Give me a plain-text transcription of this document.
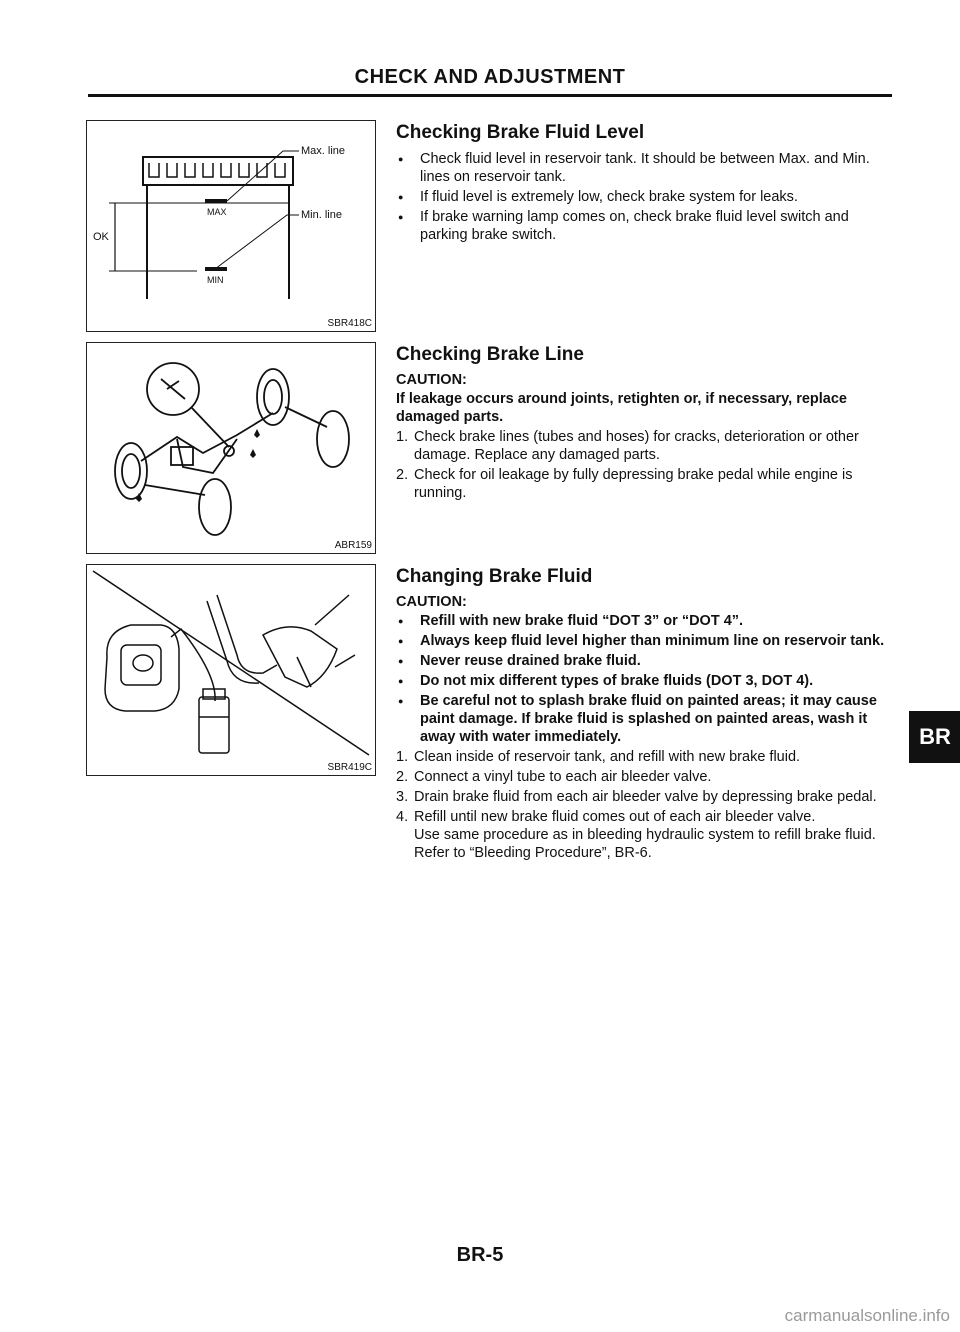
CHECK AND ADJUSTMENT
Max. line
Min. line
MAX
MIN
OK
SBR418C
ABR159
SBR419C
Checking Brake Fluid Level
● Check fluid level in reservoir tank. It should be between Max. and Min. lines on reservoir tank.
● If fluid level is extremely low, check brake system for leaks.
● If brake warning lamp comes on, check brake fluid level switch and parking brake switch.
Checking Brake Line

CAUTION:

If leakage occurs around joints, retighten or, if necessary, replace damaged parts.

1. Check brake lines (tubes and hoses) for cracks, deterioration or other damage. Replace any damaged parts.
2. Check for oil leakage by fully depressing brake pedal while engine is running.
Changing Brake Fluid

CAUTION:

● Refill with new brake fluid “DOT 3” or “DOT 4”.
● Always keep fluid level higher than minimum line on reservoir tank.
● Never reuse drained brake fluid.
● Do not mix different types of brake fluids (DOT 3, DOT 4).
● Be careful not to splash brake fluid on painted areas; it may cause paint damage. If brake fluid is splashed on painted areas, wash it away with water immediately.
1. Clean inside of reservoir tank, and refill with new brake fluid.
2. Connect a vinyl tube to each air bleeder valve.
3. Drain brake fluid from each air bleeder valve by depressing brake pedal.
4. Refill until new brake fluid comes out of each air bleeder valve.
Use same procedure as in bleeding hydraulic system to refill brake fluid.
Refer to “Bleeding Procedure”, BR-6.
BR
BR-5
carmanualsonline.info
